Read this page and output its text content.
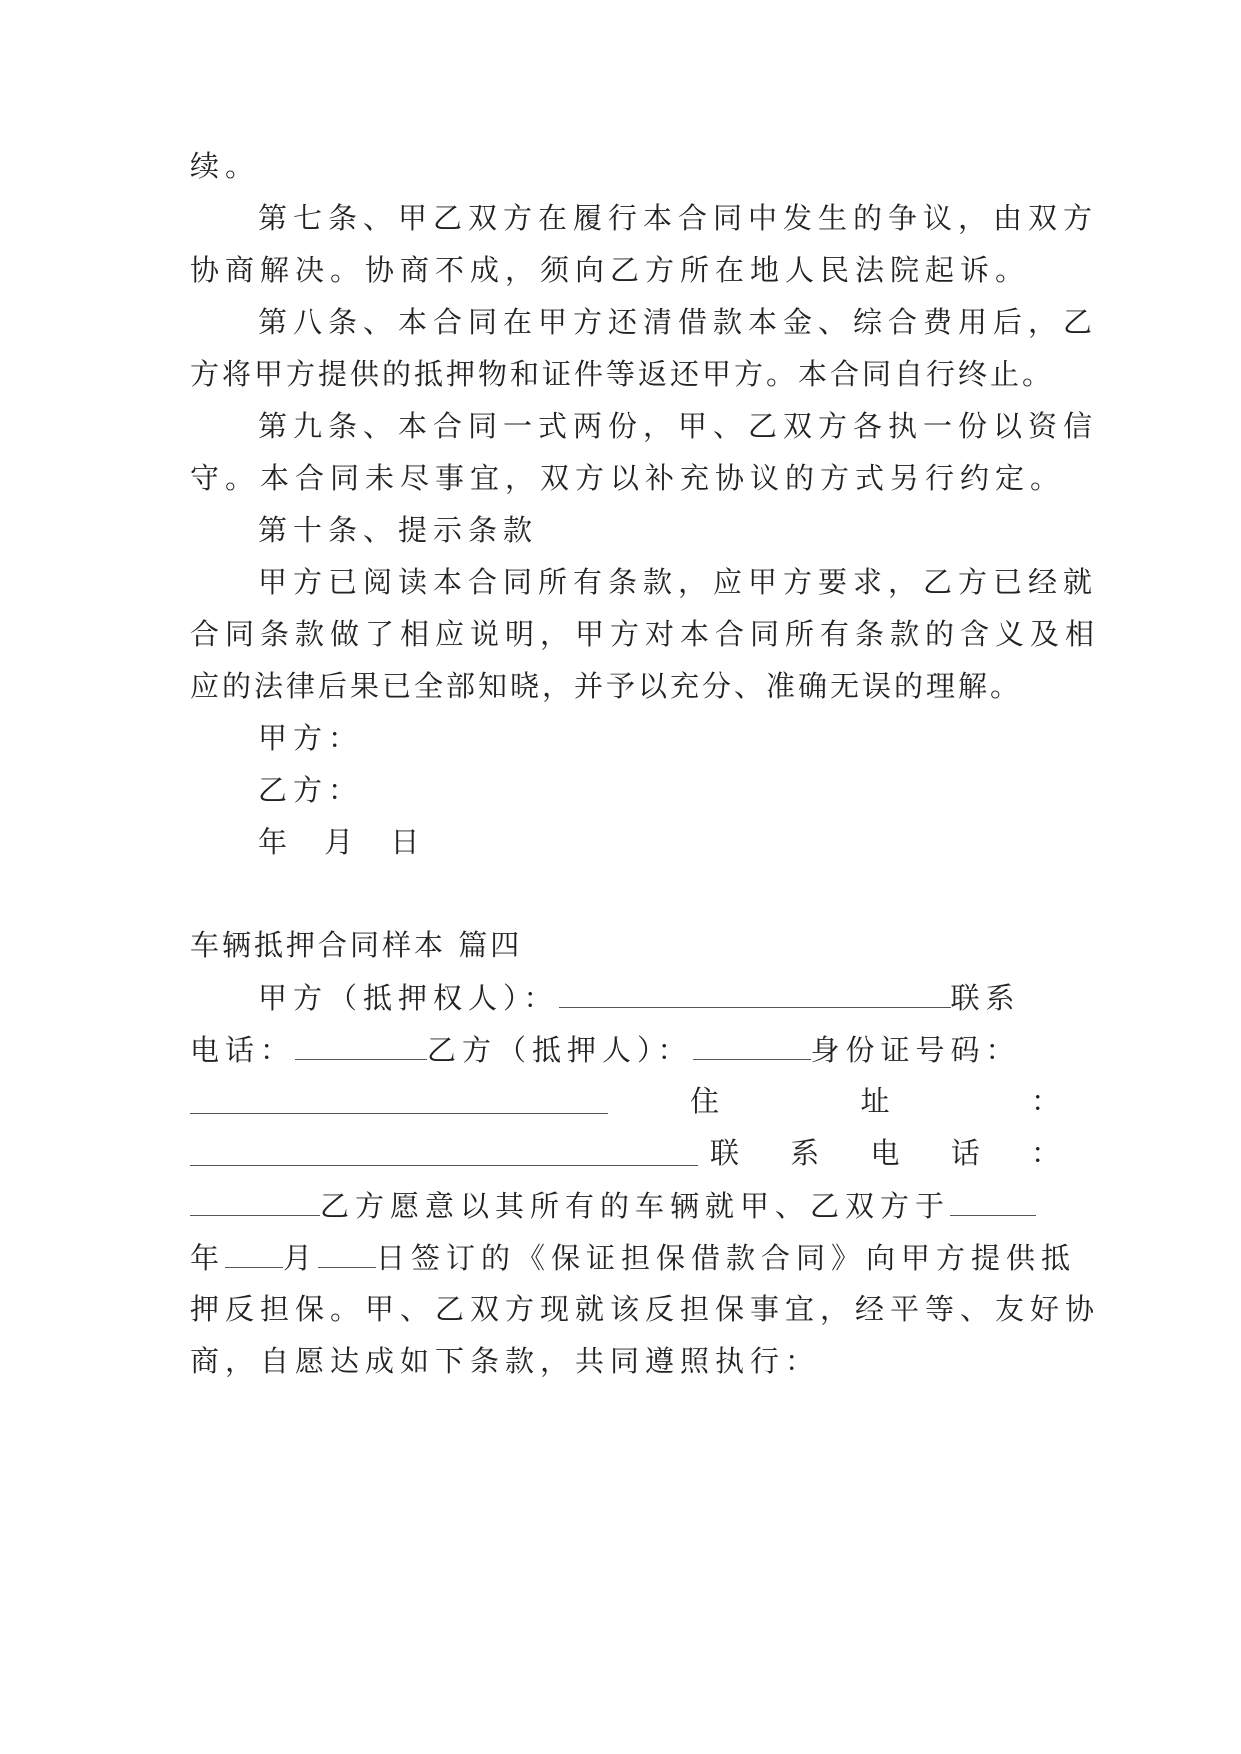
续。
第七条、甲乙双方在履行本合同中发生的争议，由双方
协商解决。协商不成，须向乙方所在地人民法院起诉。
第八条、本合同在甲方还清借款本金、综合费用后，乙
方将甲方提供的抵押物和证件等返还甲方。本合同自行终止。
第九条、本合同一式两份，甲、乙双方各执一份以资信
守。本合同未尽事宜，双方以补充协议的方式另行约定。
第十条、提示条款
甲方已阅读本合同所有条款，应甲方要求，乙方已经就
合同条款做了相应说明，甲方对本合同所有条款的含义及相
应的法律后果已全部知晓，并予以充分、准确无误的理解。
甲方：
乙方：
年 月 日
车辆抵押合同样本 篇四
甲方（抵押权人）：	联系
电话：	乙方（抵押人）：	身份证号码：
住	址	：
联 系 电 话 ：
乙方愿意以其所有的车辆就甲、乙双方于
年 月 日签订的《保证担保借款合同》向甲方提供抵
押反担保。甲、乙双方现就该反担保事宜，经平等、友好协
商，自愿达成如下条款，共同遵照执行：
